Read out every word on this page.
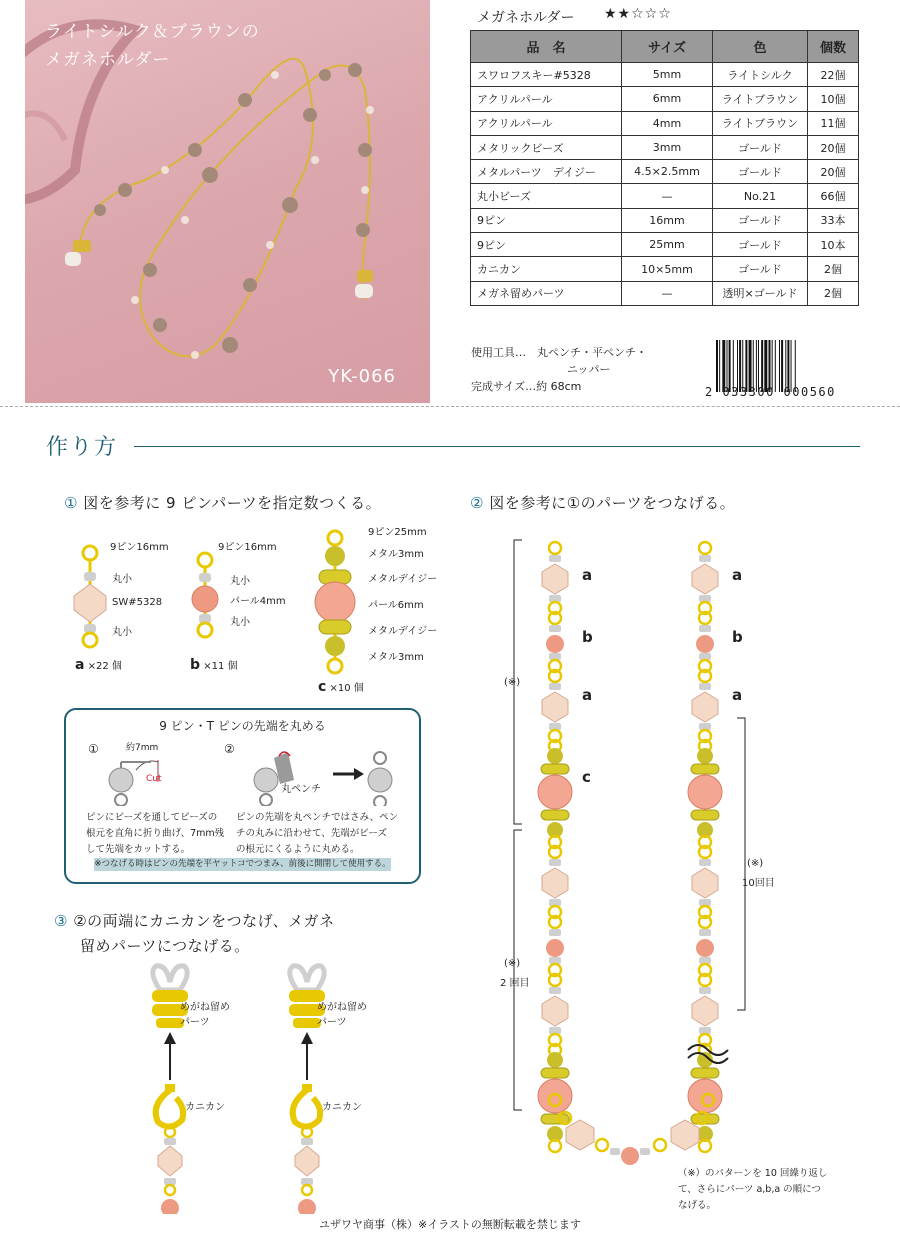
ライトシルク＆ブラウンの
メガネホルダー
YK-066
メガネホルダー ★★☆☆☆
品　名	サイズ	色	個数
スワロフスキー#5328	5mm	ライトシルク	22個
アクリルパール	6mm	ライトブラウン	10個
アクリルパール	4mm	ライトブラウン	11個
メタリックビーズ	3mm	ゴールド	20個
メタルパーツ　デイジー	4.5×2.5mm	ゴールド	20個
丸小ビーズ	—	No.21	66個
9ピン	16mm	ゴールド	33本
9ピン	25mm	ゴールド	10本
カニカン	10×5mm	ゴールド	2個
メガネ留めパーツ	—	透明×ゴールド	2個
使用工具…　丸ペンチ・平ペンチ・
ニッパー
完成サイズ…約 68cm	2 033300 000560
作り方
① 図を参考に 9 ピンパーツを指定数つくる。
9ピン16mm
丸小
SW#5328
丸小
a ×22 個
9ピン16mm
丸小
パール4mm
丸小
b ×11 個
9ピン25mm
メタル3mm
メタルデイジー
パール6mm
メタルデイジー
メタル3mm
c ×10 個
9 ピン・T ピンの先端を丸める
①	約7mm
Cut
②
丸ペンチ
ピンにビーズを通してビーズの
根元を直角に折り曲げ、7mm残
して先端をカットする。
ピンの先端を丸ペンチではさみ、ペン
チの丸みに沿わせて、先端がビーズ
の根元にくるように丸める。
※つなげる時はピンの先端を平ヤットコでつまみ、前後に開閉して使用する。
③ ②の両端にカニカンをつなげ、メガネ
留めパーツにつなげる。
めがね留め
パーツ
めがね留め
パーツ
カニカン	カニカン
② 図を参考に①のパーツをつなげる。
a
b
a
c
a
b
a
(※)
(※)
2 回目
(※)
10回目
（※）のパターンを 10 回繰り返し
て、さらにパーツ a,b,a の順につ
なげる。
ユザワヤ商事（株）※イラストの無断転載を禁じます
